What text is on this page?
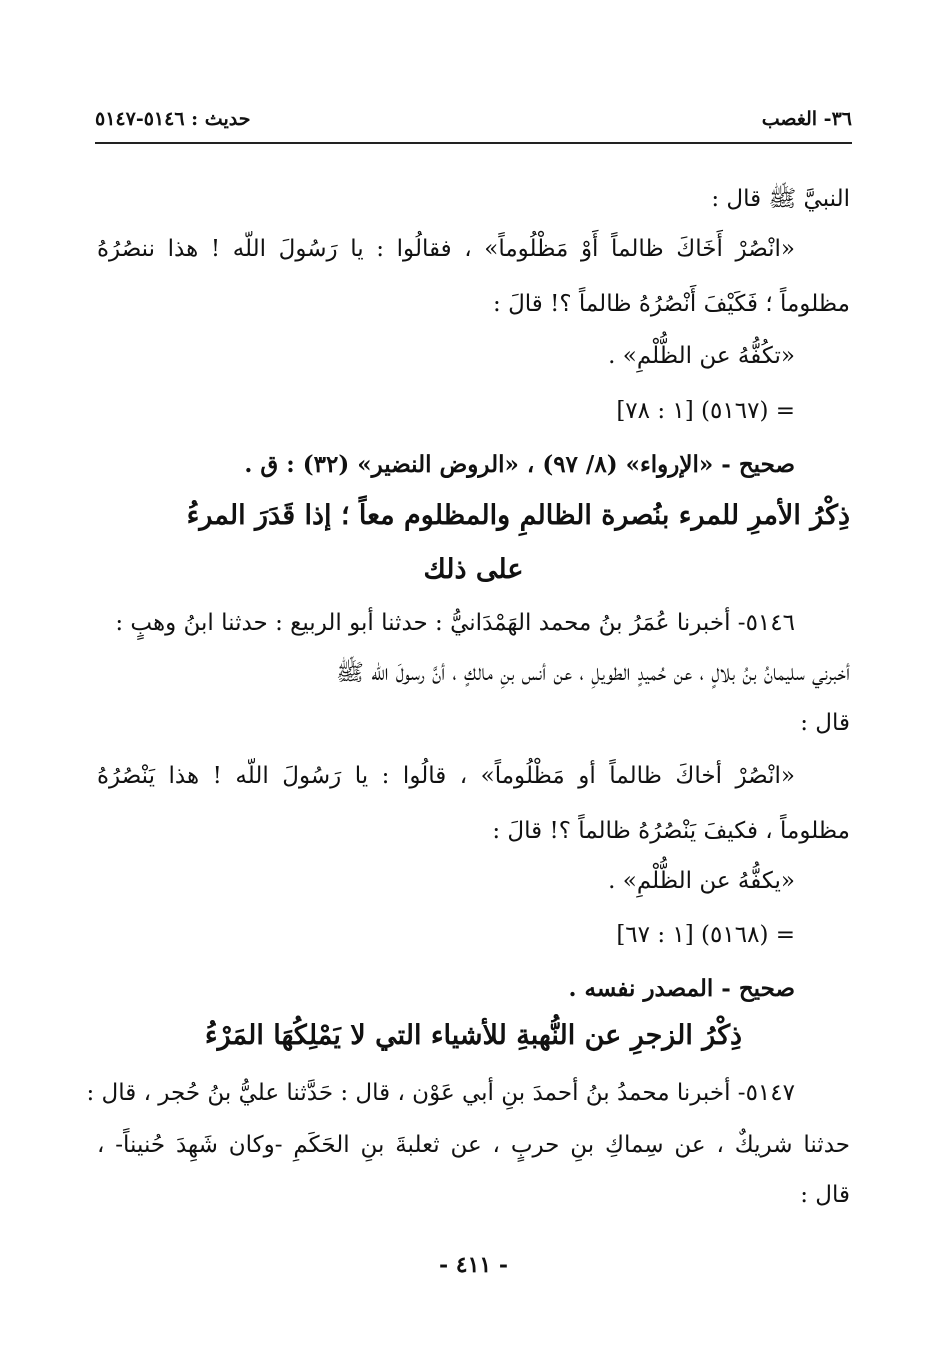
٣٦- الغصب
حديث : ٥١٤٦-٥١٤٧
النبيَّ ﷺ قال :
«انْصُرْ أَخَاكَ ظالماً أَوْ مَظْلُوماً» ، فقالُوا : يا رَسُولَ اللّه ! هذا ننصُرُهُ
مظلوماً ؛ فَكَيْفَ أَنْصُرُهُ ظالماً ؟! قالَ :
«تكُفُّهُ عن الظُّلْمِ» .
= (٥١٦٧) [١ : ٧٨]
صحيح - «الإرواء» (٨/ ٩٧) ، «الروض النضير» (٣٢) : ق .
ذِكْرُ الأمرِ للمرء بنُصرة الظالمِ والمظلوم معاً ؛ إذا قَدَرَ المرءُ
على ذلك
٥١٤٦- أخبرنا عُمَرُ بنُ محمد الهَمْدَانيُّ : حدثنا أبو الربيع : حدثنا ابنُ وهبٍ :
أخبرني سليمانُ بنُ بلالٍ ، عن حُميدٍ الطويلِ ، عن أنس بنِ مالكٍ ، أنَّ رسولَ اللّه ﷺ
قال :
«انْصُرْ أخاكَ ظالماً أو مَظْلُوماً» ، قالُوا : يا رَسُولَ اللّه ! هذا يَنْصُرُهُ
مظلوماً ، فكيفَ يَنْصُرُهُ ظالماً ؟! قالَ :
«يكفُّهُ عن الظُّلْمِ» .
= (٥١٦٨) [١ : ٦٧]
صحيح - المصدر نفسه .
ذِكْرُ الزجرِ عن النُّهبةِ للأشياء التي لا يَمْلِكُهَا المَرْءُ
٥١٤٧- أخبرنا محمدُ بنُ أحمدَ بنِ أبي عَوْن ، قال : حَدَّثنا عليُّ بنُ حُجر ، قال :
حدثنا شريكٌ ، عن سِماكِ بنِ حربٍ ، عن ثعلبةَ بنِ الحَكَمِ -وكان شَهِدَ حُنيناً- ،
قال :
- ٤١١ -
